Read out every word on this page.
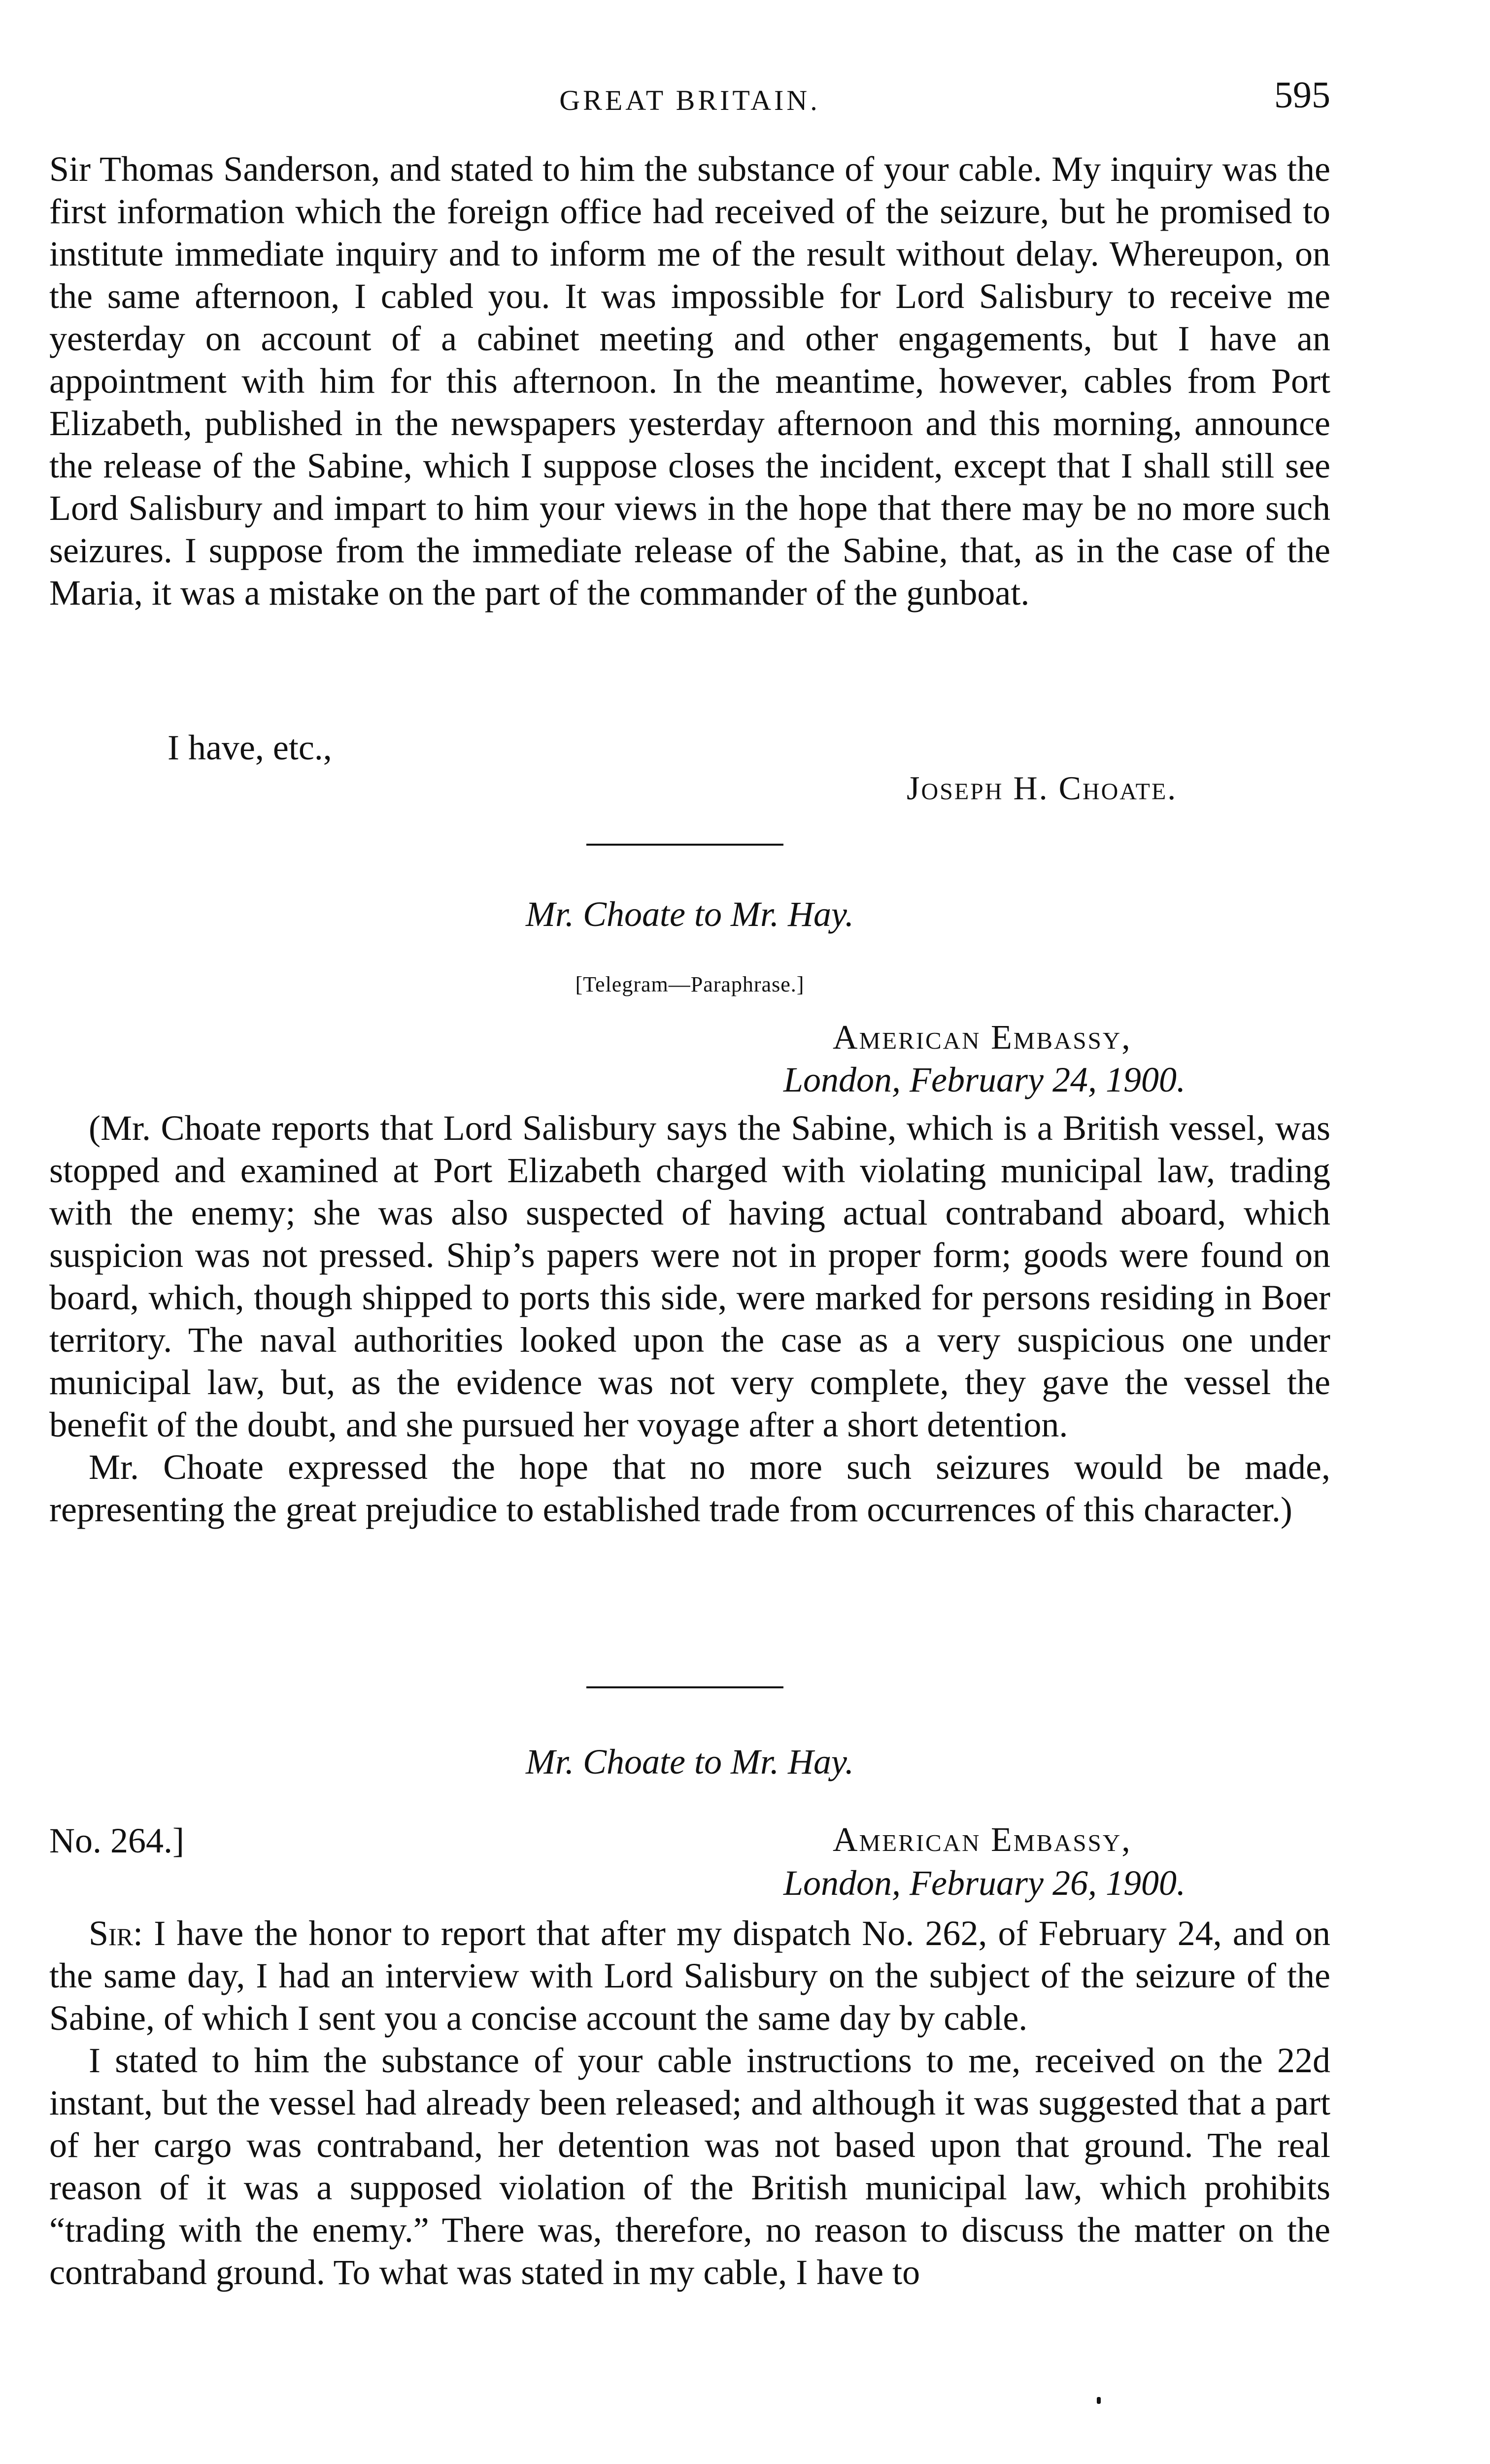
GREAT BRITAIN.	595

Sir Thomas Sanderson, and stated to him the substance of your cable. My inquiry was the first information which the foreign office had received of the seizure, but he promised to institute immediate inquiry and to inform me of the result without delay. Whereupon, on the same afternoon, I cabled you. It was impossible for Lord Salisbury to receive me yesterday on account of a cabinet meeting and other engagements, but I have an appointment with him for this afternoon. In the meantime, however, cables from Port Elizabeth, published in the newspapers yesterday afternoon and this morning, announce the release of the Sabine, which I suppose closes the incident, except that I shall still see Lord Salisbury and impart to him your views in the hope that there may be no more such seizures. I suppose from the immediate release of the Sabine, that, as in the case of the Maria, it was a mistake on the part of the commander of the gunboat.

I have, etc.,
Joseph H. Choate.
Mr. Choate to Mr. Hay.
[Telegram—Paraphrase.]
American Embassy,
London, February 24, 1900.

(Mr. Choate reports that Lord Salisbury says the Sabine, which is a British vessel, was stopped and examined at Port Elizabeth charged with violating municipal law, trading with the enemy; she was also suspected of having actual contraband aboard, which suspicion was not pressed. Ship’s papers were not in proper form; goods were found on board, which, though shipped to ports this side, were marked for persons residing in Boer territory. The naval authorities looked upon the case as a very suspicious one under municipal law, but, as the evidence was not very complete, they gave the vessel the benefit of the doubt, and she pursued her voyage after a short detention.

Mr. Choate expressed the hope that no more such seizures would be made, representing the great prejudice to established trade from occurrences of this character.)

Mr. Choate to Mr. Hay.
No. 264.]	American Embassy,
London, February 26, 1900.

Sir: I have the honor to report that after my dispatch No. 262, of February 24, and on the same day, I had an interview with Lord Salisbury on the subject of the seizure of the Sabine, of which I sent you a concise account the same day by cable.

I stated to him the substance of your cable instructions to me, received on the 22d instant, but the vessel had already been released; and although it was suggested that a part of her cargo was contraband, her detention was not based upon that ground. The real reason of it was a supposed violation of the British municipal law, which prohibits “trading with the enemy.” There was, therefore, no reason to discuss the matter on the contraband ground. To what was stated in my cable, I have to
